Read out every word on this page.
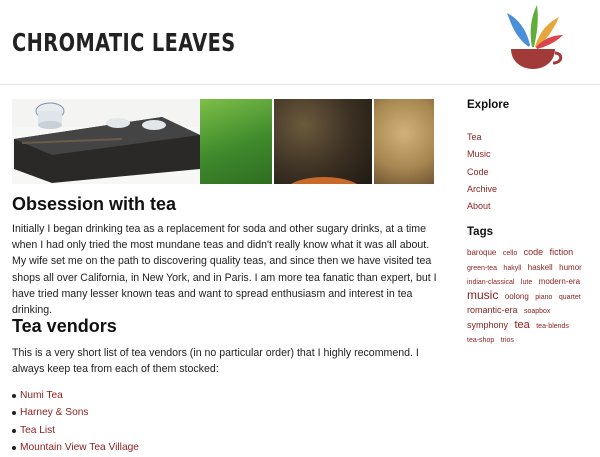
CHROMATIC LEAVES
Obsession with tea

Initially I began drinking tea as a replacement for soda and other sugary drinks, at a time when I had only tried the most mundane teas and didn't really know what it was all about. My wife set me on the path to discovering quality teas, and since then we have visited tea shops all over California, in New York, and in Paris. I am more tea fanatic than expert, but I have tried many lesser known teas and want to spread enthusiasm and interest in tea drinking.

Tea vendors

This is a very short list of tea vendors (in no particular order) that I highly recommend. I always keep tea from each of them stocked:

Numi Tea
Harney & Sons
Tea List
Mountain View Tea Village
Explore
Tea
Music
Code
Archive
About
Tags
baroque cello code fiction green-tea hakyll haskell humor indian-classical lute modern-era music oolong piano quartet romantic-era soapbox symphony tea tea-blends tea-shop trios
